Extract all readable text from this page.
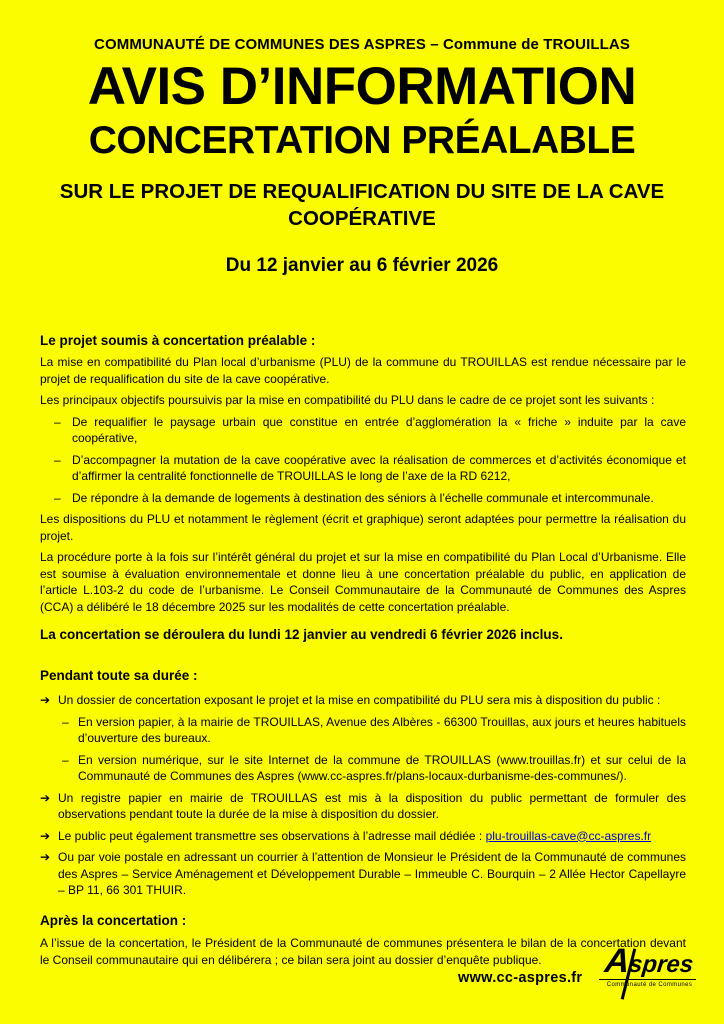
COMMUNAUTÉ DE COMMUNES DES ASPRES – Commune de TROUILLAS
AVIS D’INFORMATION
CONCERTATION PRÉALABLE
SUR LE PROJET DE REQUALIFICATION DU SITE DE LA CAVE COOPÉRATIVE
Du 12 janvier au 6 février 2026
Le projet soumis à concertation préalable :

La mise en compatibilité du Plan local d’urbanisme (PLU) de la commune du TROUILLAS est rendue nécessaire par le projet de requalification du site de la cave coopérative.

Les principaux objectifs poursuivis par la mise en compatibilité du PLU dans le cadre de ce projet sont les suivants :

– De requalifier le paysage urbain que constitue en entrée d’agglomération la « friche » induite par la cave coopérative,
– D’accompagner la mutation de la cave coopérative avec la réalisation de commerces et d’activités économique et d’affirmer la centralité fonctionnelle de TROUILLAS le long de l’axe de la RD 6212,
– De répondre à la demande de logements à destination des séniors à l’échelle communale et intercommunale.

Les dispositions du PLU et notamment le règlement (écrit et graphique) seront adaptées pour permettre la réalisation du projet.

La procédure porte à la fois sur l’intérêt général du projet et sur la mise en compatibilité du Plan Local d’Urbanisme. Elle est soumise à évaluation environnementale et donne lieu à une concertation préalable du public, en application de l’article L.103-2 du code de l’urbanisme. Le Conseil Communautaire de la Communauté de Communes des Aspres (CCA) a délibéré le 18 décembre 2025 sur les modalités de cette concertation préalable.

La concertation se déroulera du lundi 12 janvier au vendredi 6 février 2026 inclus.
Pendant toute sa durée :
➔ Un dossier de concertation exposant le projet et la mise en compatibilité du PLU sera mis à disposition du public :
– En version papier, à la mairie de TROUILLAS, Avenue des Albères - 66300 Trouillas, aux jours et heures habituels d’ouverture des bureaux.
– En version numérique, sur le site Internet de la commune de TROUILLAS (www.trouillas.fr) et sur celui de la Communauté de Communes des Aspres (www.cc-aspres.fr/plans-locaux-durbanisme-des-communes/).
➔ Un registre papier en mairie de TROUILLAS est mis à la disposition du public permettant de formuler des observations pendant toute la durée de la mise à disposition du dossier.
➔ Le public peut également transmettre ses observations à l’adresse mail dédiée : plu-trouillas-cave@cc-aspres.fr
➔ Ou par voie postale en adressant un courrier à l’attention de Monsieur le Président de la Communauté de communes des Aspres – Service Aménagement et Développement Durable – Immeuble C. Bourquin – 2 Allée Hector Capellayre – BP 11, 66 301 THUIR.
Après la concertation :

A l’issue de la concertation, le Président de la Communauté de communes présentera le bilan de la concertation devant le Conseil communautaire qui en délibérera ; ce bilan sera joint au dossier d’enquête publique.

www.cc-aspres.fr Aspres
Communauté de Communes
